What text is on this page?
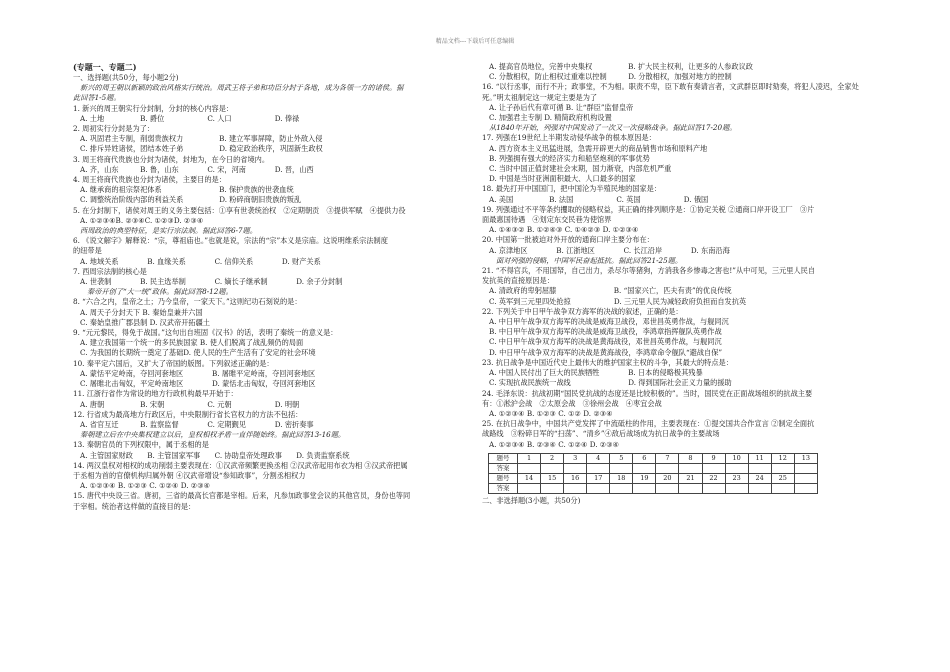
精品文档---下载后可任意编辑
(专题一、专题二)
一、选择题(共50分，每小题2分)
新兴的周王朝以新颖的政治风格实行统治。周武王将子弟和功臣分封于各地，成为各领一方的诸侯。据
此回答1-5题。
1. 新兴的周王朝实行分封制，分封的核心内容是：
A. 土地　　　　　B. 爵位　　　　　　C. 人口　　　　　　D. 俸禄
2. 周初实行分封是为了：
A. 巩固君主专制，削弱贵族权力　　　　　B. 建立军事屏障，防止外敌入侵
C. 排斥异姓诸侯，团结本姓子弟　　　　　D. 稳定政治秩序，巩固新生政权
3. 周王将商代贵族也分封为诸侯，封地为，在今日的省境内。
A. 齐，山东　　　B. 鲁，山东　　　　C. 宋，河南　　　　D. 晋，山西
4. 周王将商代贵族也分封为诸侯，主要目的是：
A. 继承商的祖宗祭祀体系　　　　　　　　B. 保护贵族的世袭血统
C. 调整统治阶级内部的利益关系　　　　　D. 粉碎商朝旧贵族的叛乱
5. 在分封制下，诸侯对周王的义务主要包括：①享有世袭统治权　②定期朝贡　③提供军赋　④提供力役
A. ①②③④B. ②③④C. ①②③D. ②③④
西周政治的典型特征，是实行宗法制。据此回答6-7题。
6. 《说文解字》解释说：“宗，尊祖庙也。”也就是说，宗法的“宗”本义是宗庙。这说明维系宗法制度
的纽带是
A. 地域关系　　　　B. 血缘关系　　　　C. 信仰关系　　　　D. 财产关系
7. 西周宗法制的核心是
A. 世袭制　　　　B. 民主选举制　　　　C. 嫡长子继承制　　　　D. 余子分封制
秦帝开创了“大一统”政体。据此回答8-12题。
8. “六合之内，皇帝之土；乃今皇帝，一家天下。”这则纪功石刻说的是：
A. 周天子分封天下 B. 秦始皇兼并六国
C. 秦始皇推广郡县制 D. 汉武帝开拓疆土
9. “元元黎民，得免于战国。”这句出自班固《汉书》的话，表明了秦统一的意义是：
A. 建立我国第一个统一的多民族国家 B. 使人们脱离了战乱频仍的局面
C. 为我国的长期统一奠定了基础D. 使人民的生产生活有了安定的社会环境
10. 秦平定六国后，又扩大了帝国的版图。下列叙述正确的是：
A. 蒙恬平定岭南，夺回河套地区　　　　B. 屠睢平定岭南，夺回河套地区
C. 屠睢北击匈奴，平定岭南地区　　　　D. 蒙恬北击匈奴，夺回河套地区
11. 江浙行省作为常设的地方行政机构最早开始于：
A. 唐朝　　　　　B. 宋朝　　　　　　C. 元朝　　　　　　D. 明朝
12. 行省成为最高地方行政区后，中央限制行省长官权力的方法不包括：
A. 省官互迁　　　B. 监察监督　　　　C. 定期觐见　　　　D. 密折奏事
秦朝建立后在中央集权建立以后，皇权相权矛盾一直伴随始终。据此回答13-16题。
13. 秦朝官员的下列权限中，属于丞相的是
A. 主管国家财政　　B. 主管国家军事　　C. 协助皇帝处理政事　　D. 负责监察系统
14. 两汉皇权对相权的成功削弱主要表现在：①汉武帝频繁更换丞相 ②汉武帝起用布衣为相 ③汉武帝把属
于丞相为首的官僚机构归属外朝 ④汉武帝增设“参知政事”，分割丞相权力
A. ①②③④ B. ①②③ C. ①②④ D. ②③④
15. 唐代中央设三省。唐初，三省的最高长官都是宰相。后来，凡参加政事堂会议的其他官员，身份也等同
于宰相。统治者这样做的直接目的是：
A. 提高官员地位，完善中央集权　　　　　B. 扩大民主权利，让更多的人参政议政
C. 分散相权，防止相权过重难以控制　　　D. 分散相权，加强对地方的控制
16. “以行丞事，而行不升；政事堂，不为相。职责不卑，臣下敢有奏请言者，文武群臣即时劾奏，将犯人凌迟，全家处
死。”明太祖制定这一规定主要是为了
A. 让子孙后代有章可循 B. 让“群臣”监督皇帝
C. 加强君主专制 D. 精简政府机构设置
从1840年开始，列强对中国发动了一次又一次侵略战争。据此回答17-20题。
17. 列强在19世纪上半期发动侵华战争的根本原因是：
A. 西方资本主义迅猛进展，急需开辟更大的商品销售市场和原料产地
B. 列强拥有强大的经济实力和船坚炮利的军事优势
C. 当时中国正值封建社会末期，国力渐衰，内部危机严重
D. 中国是当时亚洲面积最大、人口最多的国家
18. 最先打开中国国门，把中国沦为半殖民地的国家是：
A. 美国　　　　　B. 法国　　　　　　C. 英国　　　　　　D. 俄国
19. 列强通过不平等条约攫取的侵略权益，其正确的排列顺序是：①协定关税 ②通商口岸开设工厂　③片
面最惠国待遇　④划定东交民巷为使馆界
A. ①④③② B. ①②④③ C. ①④②③ D. ①②③④
20. 中国第一批被迫对外开放的通商口岸主要分布在：
A. 京津地区　　　　B. 江浙地区　　　　C. 长江沿岸　　　　D. 东南沿海
面对列强的侵略，中国军民奋起抵抗。据此回答21-25题。
21. “不得官兵，不用国帑，自己出力，杀尽尔等猪狗，方消我各乡惨毒之害也!”从中可见，三元里人民自
发抗英的直接原因是：
A. 清政府的卑躬屈膝　　　　　　　　B. “国家兴亡，匹夫有责”的优良传统
C. 英军到三元里四处抢掠　　　　　　D. 三元里人民为减轻政府负担而自发抗英
22. 下列关于中日甲午战争双方海军的决战的叙述，正确的是：
A. 中日甲午战争双方海军的决战是威海卫战役，邓世昌英勇作战，与舰同沉
B. 中日甲午战争双方海军的决战是威海卫战役，李鸿章指挥舰队英勇作战
C. 中日甲午战争双方海军的决战是黄海战役，邓世昌英勇作战，与舰同沉
D. 中日甲午战争双方海军的决战是黄海战役，李鸿章命令舰队“避战自保”
23. 抗日战争是中国近代史上最伟大的维护国家主权的斗争，其最大的特点是：
A. 中国人民付出了巨大的民族牺牲　　　　B. 日本的侵略极其残暴
C. 实现抗战民族统一战线　　　　　　　　D. 得到国际社会正义力量的援助
24. 毛泽东说：抗战初期“国民党抗战的态度还是比较积极的”。当时，国民党在正面战场组织的抗战主要
有：①淞沪会战　②太原会战　③徐州会战　④枣宜会战
A. ①②③④ B. ①②③ C. ①② D. ②③④
25. 在抗日战争中，中国共产党发挥了中流砥柱的作用，主要表现在：①提交国共合作宣言 ②制定全面抗
战路线　③粉碎日军的“扫荡”、“清乡”④敌后战场成为抗日战争的主要战场
A. ①②③④ B. ②③④ C. ①②④ D. ②③④
题号	1	2	3	4	5	6	7	8	9	10	11	12	13
答案													
题号	14	15	16	17	18	19	20	21	22	23	24	25	
答案													
二、非选择题(3小题，共50分)
